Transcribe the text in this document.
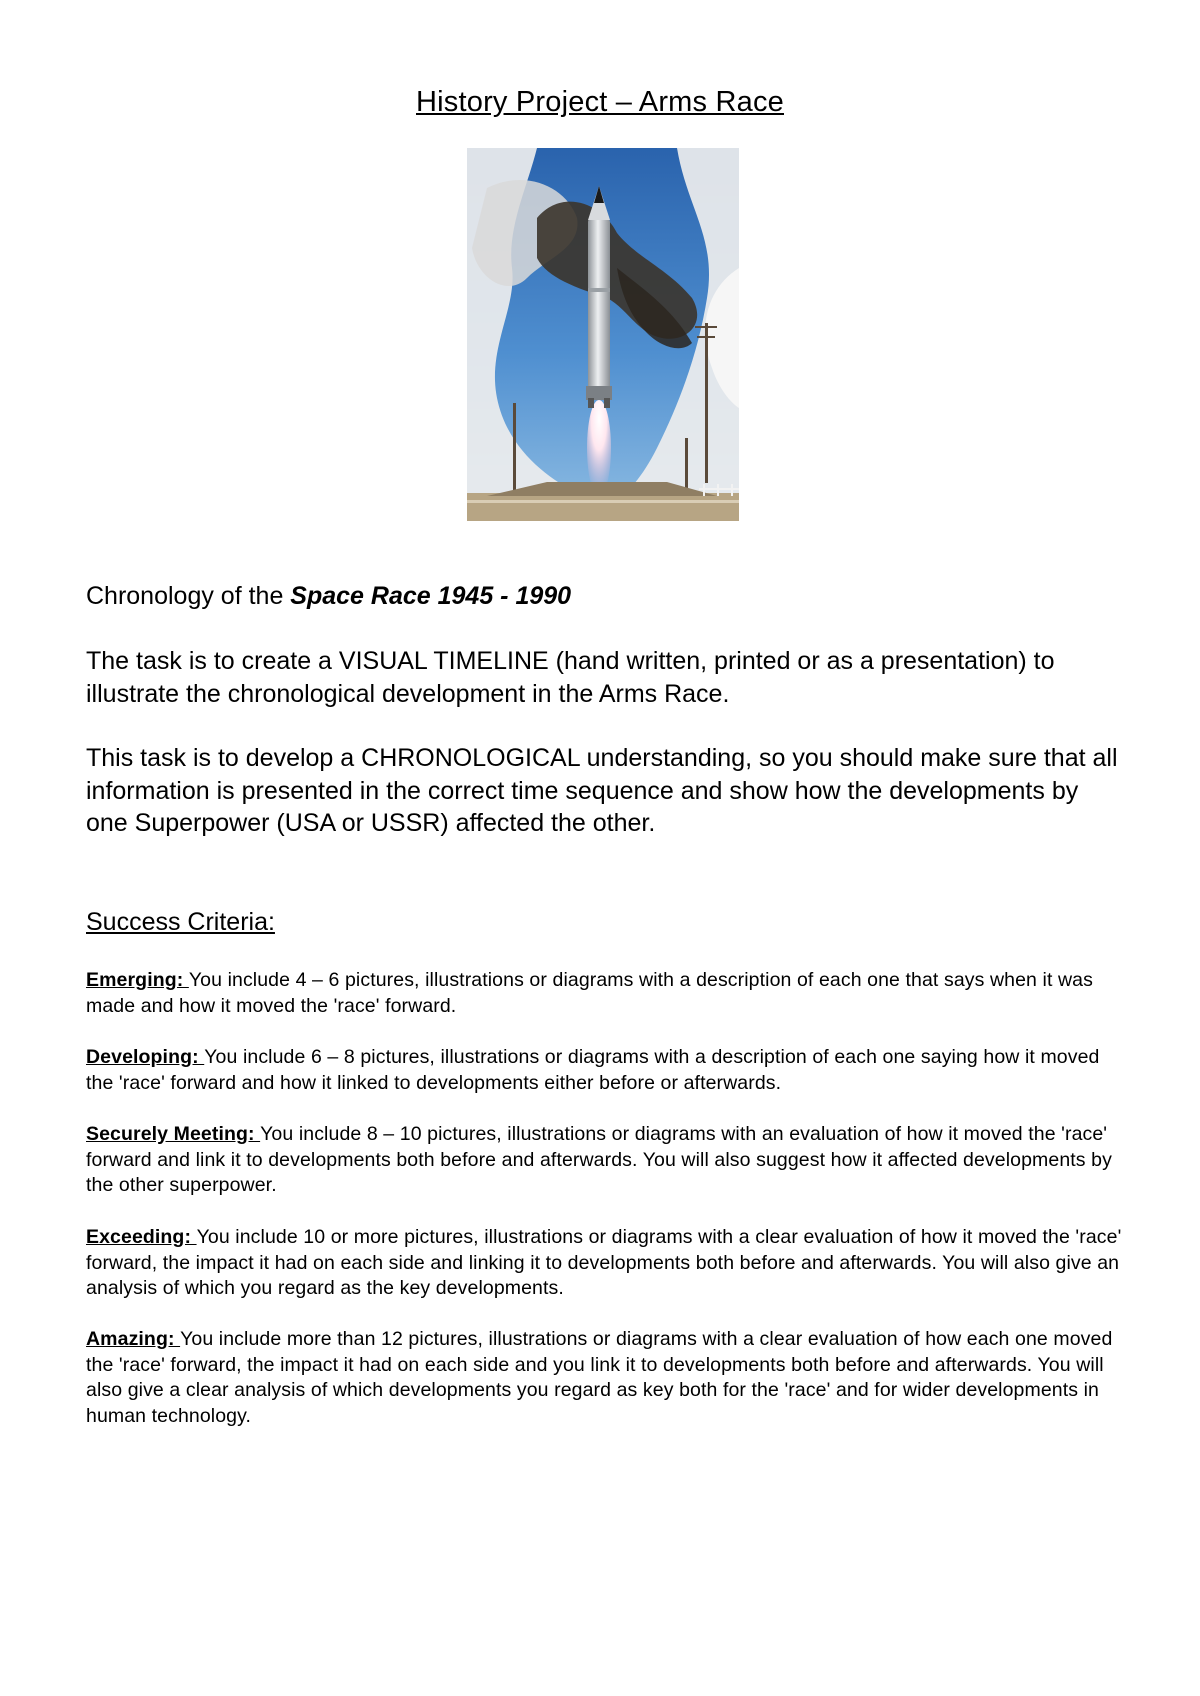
History Project – Arms Race
Chronology of the Space Race 1945 - 1990
The task is to create a VISUAL TIMELINE (hand written, printed or as a presentation) to illustrate the chronological development in the Arms Race.
This task is to develop a CHRONOLOGICAL understanding, so you should make sure that all information is presented in the correct time sequence and show how the developments by one Superpower (USA or USSR) affected the other.
Success Criteria:
Emerging: You include 4 – 6 pictures, illustrations or diagrams with a description of each one that says when it was made and how it moved the 'race' forward.
Developing: You include 6 – 8 pictures, illustrations or diagrams with a description of each one saying how it moved the 'race' forward and how it linked to developments either before or afterwards.
Securely Meeting: You include 8 – 10 pictures, illustrations or diagrams with an evaluation of how it moved the 'race' forward and link it to developments both before and afterwards. You will also suggest how it affected developments by the other superpower.
Exceeding: You include 10 or more pictures, illustrations or diagrams with a clear evaluation of how it moved the 'race' forward, the impact it had on each side and linking it to developments both before and afterwards. You will also give an analysis of which you regard as the key developments.
Amazing: You include more than 12 pictures, illustrations or diagrams with a clear evaluation of how each one moved the 'race' forward, the impact it had on each side and you link it to developments both before and afterwards. You will also give a clear analysis of which developments you regard as key both for the 'race' and for wider developments in human technology.
